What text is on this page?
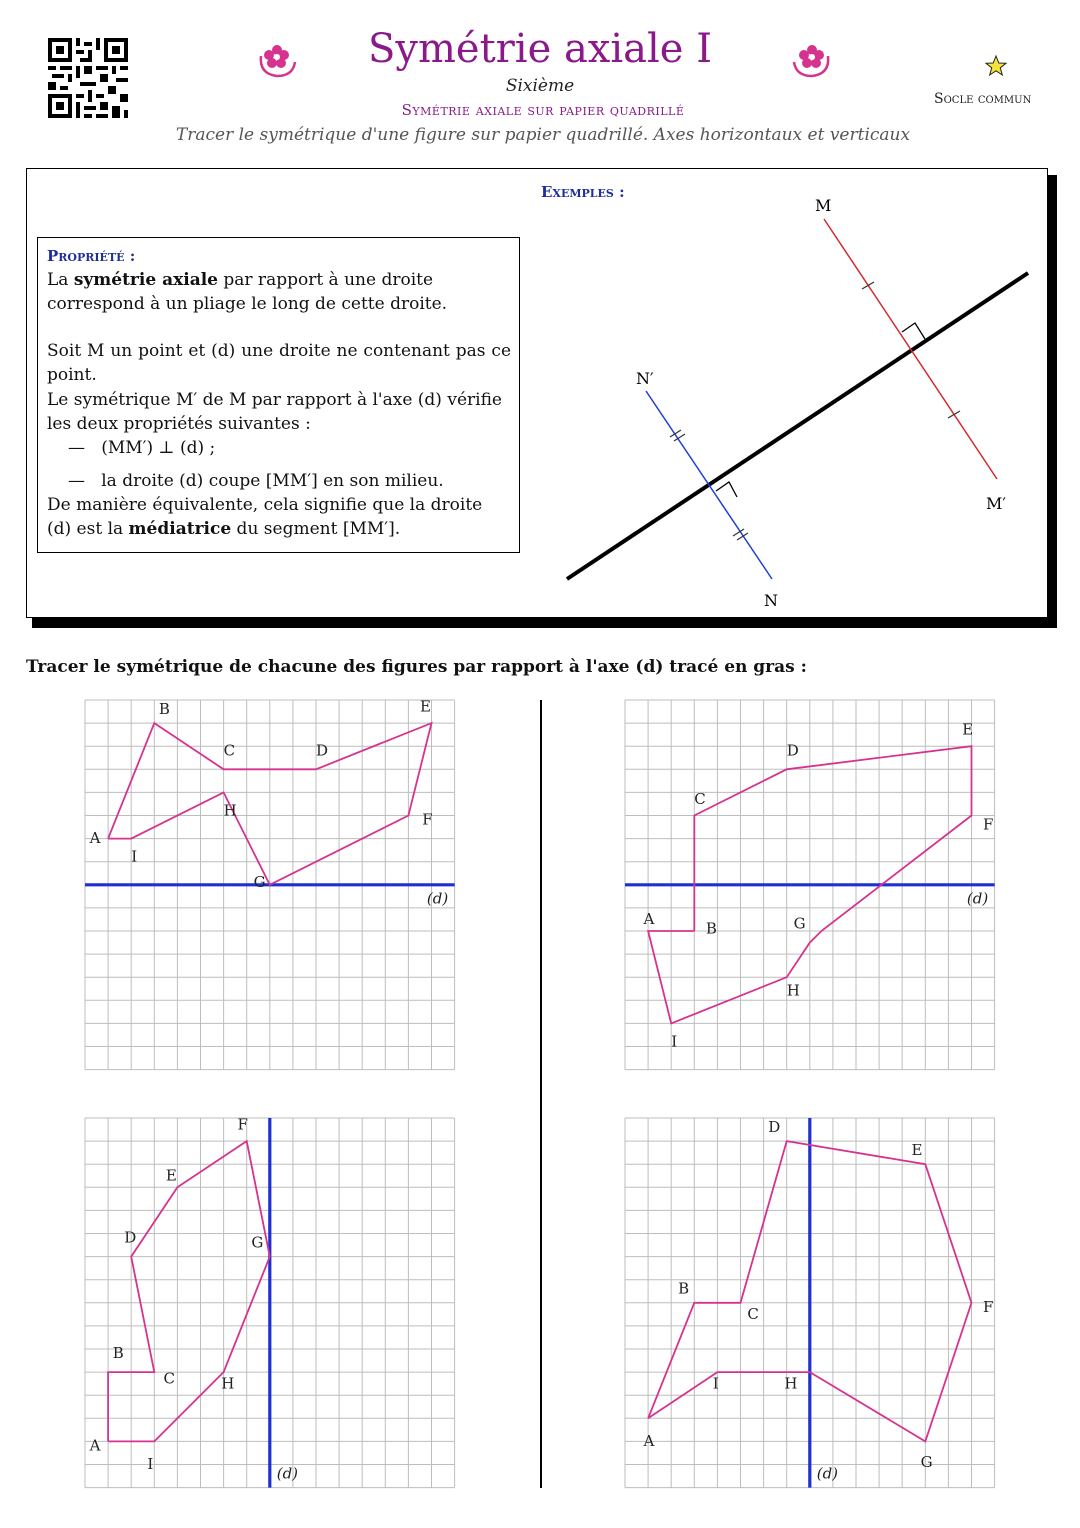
Symétrie axiale I
Sixième
Symétrie axiale sur papier quadrillé
Tracer le symétrique d'une figure sur papier quadrillé. Axes horizontaux et verticaux
Socle commun
Propriété :
La symétrie axiale par rapport à une droite correspond à un pliage le long de cette droite.
Soit M un point et (d) une droite ne contenant pas ce point.
Le symétrique M′ de M par rapport à l'axe (d) vérifie les deux propriétés suivantes :
—   (MM′) ⊥ (d) ;
—   la droite (d) coupe [MM′] en son milieu.
De manière équivalente, cela signifie que la droite (d) est la médiatrice du segment [MM′].
Exemples :
M
M′
N′
N
Tracer le symétrique de chacune des figures par rapport à l'axe (d) tracé en gras :
A
B
C	D
E
F
G
H
I
(d)
A
B
C
D
E
F
G
H
I
(d)
A
B
C
D
E
F
G
H
I
(d)
A
B
C
D
E
F
G
H
I
(d)
